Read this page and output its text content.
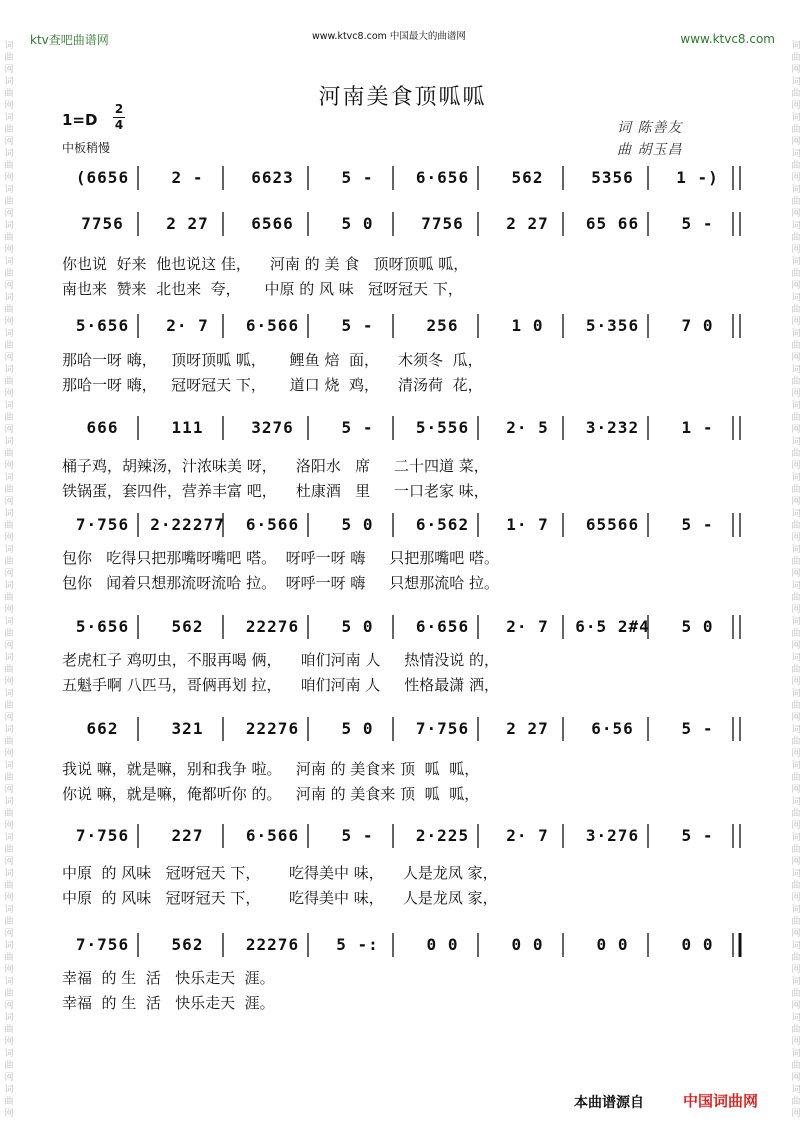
ktv查吧曲谱网	www.ktvc8.com 中国最大的曲谱网	www.ktvc8.com
词
曲
网
词
曲
网
词
曲
网
词
曲
网
词
曲
网
词
曲
网
词
曲
网
词
曲
网
词
曲
网
词
曲
网
词
曲
网
词
曲
网
词
曲
网
词
曲
网
词
曲
网
词
曲
网
词
曲
网
词
曲
网
词
曲
网
词
曲
网
词
曲
网
词
曲
网
词
曲
网
词
曲
网
词
曲
网
词
曲
网
词
曲
网
词
曲
网
词
曲
网
词
曲
网

词
曲
网
词
曲
网
词
曲
网
词
曲
网
词
曲
网
词
曲
网
词
曲
网
词
曲
网
词
曲
网
词
曲
网
词
曲
网
词
曲
网
词
曲
网
词
曲
网
词
曲
网
词
曲
网
词
曲
网
词
曲
网
词
曲
网
词
曲
网
词
曲
网
词
曲
网
词
曲
网
词
曲
网
词
曲
网
词
曲
网
词
曲
网
词
曲
网
词
曲
网
词
曲
网

河南美食顶呱呱
1=D
2
4
中板稍慢
词 陈善友
曲 胡玉昌
(6656	2 -	6623	5 -	6·656	562	5356	1 -)
7756	2 27	6566	5 0	7756	2 27	65 66	5 -
你也说  好来  他也说这 佳，    河南 的 美 食   顶呀顶呱 呱，
南也来  赞来  北也来  夸，     中原 的 风 味   冠呀冠天 下，
5·656	2· 7	6·566	5 -	256	1 0	5·356	7 0
那哈一呀 嗨，   顶呀顶呱 呱，     鲤鱼 焙  面，    木须冬  瓜，
那哈一呀 嗨，   冠呀冠天 下，     道口 烧  鸡，    清汤荷  花，
666	111	3276	5 -	5·556	2· 5	3·232	1 -
桶子鸡，胡辣汤，汁浓味美 呀，    洛阳水   席     二十四道 菜，
铁锅蛋，套四件，营养丰富 吧，    杜康酒   里     一口老家 味，
7·756	2·22277	6·566	5 0	6·562	1· 7	65566	5 -
包你   吃得只把那嘴呀嘴吧 嗒。  呀呼一呀 嗨     只把那嘴吧 嗒。
包你   闻着只想那流呀流哈 拉。  呀呼一呀 嗨     只想那流哈 拉。
5·656	562	22276	5 0	6·656	2· 7	6·5 2#4	5 0
老虎杠子 鸡叨虫，不服再喝 俩，    咱们河南 人     热情没说 的，
五魁手啊 八匹马，哥俩再划 拉，    咱们河南 人     性格最潇 洒，
662	321	22276	5 0	7·756	2 27	6·56	5 -
我说 嘛，就是嘛，别和我争 啦。   河南 的 美食来 顶  呱  呱，
你说 嘛，就是嘛，俺都听你 的。   河南 的 美食来 顶  呱  呱，
7·756	227	6·566	5 -	2·225	2· 7	3·276	5 -
中原  的 风味   冠呀冠天 下，      吃得美中 味，    人是龙凤 家，
中原  的 风味   冠呀冠天 下，      吃得美中 味，    人是龙凤 家，
7·756	562	22276	5 -:	0 0	0 0	0 0	0 0
幸福  的 生  活   快乐走天  涯。
幸福  的 生  活   快乐走天  涯。
本曲谱源自	中国词曲网
